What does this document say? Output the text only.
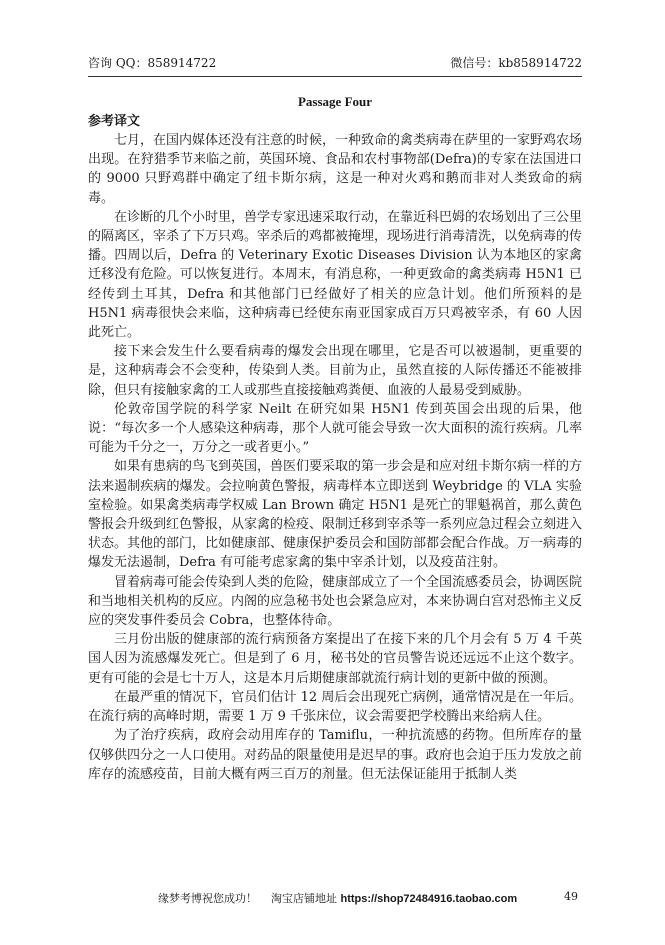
咨询 QQ：858914722	微信号：kb858914722
Passage Four
参考译文

七月，在国内媒体还没有注意的时候，一种致命的禽类病毒在萨里的一家野鸡农场出现。在狩猎季节来临之前，英国环境、食品和农村事物部(Defra)的专家在法国进口的 9000 只野鸡群中确定了纽卡斯尔病，这是一种对火鸡和鹅而非对人类致命的病毒。

在诊断的几个小时里，兽学专家迅速采取行动，在靠近科巴姆的农场划出了三公里的隔离区，宰杀了下万只鸡。宰杀后的鸡都被掩埋，现场进行消毒清洗，以免病毒的传播。四周以后，Defra 的 Veterinary Exotic Diseases Division 认为本地区的家禽迁移没有危险。可以恢复进行。本周末，有消息称，一种更致命的禽类病毒 H5N1 已经传到土耳其，Defra 和其他部门已经做好了相关的应急计划。他们所预料的是 H5N1 病毒很快会来临，这种病毒已经使东南亚国家成百万只鸡被宰杀，有 60 人因此死亡。

接下来会发生什么要看病毒的爆发会出现在哪里，它是否可以被遏制，更重要的是，这种病毒会不会变种，传染到人类。目前为止，虽然直接的人际传播还不能被排除，但只有接触家禽的工人或那些直接接触鸡粪便、血液的人最易受到威胁。

伦敦帝国学院的科学家 Neilt 在研究如果 H5N1 传到英国会出现的后果，他说：“每次多一个人感染这种病毒，那个人就可能会导致一次大面积的流行疾病。几率可能为千分之一，万分之一或者更小。”

如果有患病的鸟飞到英国，兽医们要采取的第一步会是和应对纽卡斯尔病一样的方法来遏制疾病的爆发。会拉响黄色警报，病毒样本立即送到 Weybridge 的 VLA 实验室检验。如果禽类病毒学权威 Lan Brown 确定 H5N1 是死亡的罪魁祸首，那么黄色警报会升级到红色警报，从家禽的检疫、限制迁移到宰杀等一系列应急过程会立刻进入状态。其他的部门，比如健康部、健康保护委员会和国防部都会配合作战。万一病毒的爆发无法遏制，Defra 有可能考虑家禽的集中宰杀计划，以及疫苗注射。

冒着病毒可能会传染到人类的危险，健康部成立了一个全国流感委员会，协调医院和当地相关机构的反应。内阁的应急秘书处也会紧急应对，本来协调白宫对恐怖主义反应的突发事件委员会 Cobra，也整体待命。

三月份出版的健康部的流行病预备方案提出了在接下来的几个月会有 5 万 4 千英国人因为流感爆发死亡。但是到了 6 月，秘书处的官员警告说还远远不止这个数字。更有可能的会是七十万人，这是本月后期健康部就流行病计划的更新中做的预测。

在最严重的情况下，官员们估计 12 周后会出现死亡病例，通常情况是在一年后。在流行病的高峰时期，需要 1 万 9 千张床位，议会需要把学校腾出来给病人住。

为了治疗疾病，政府会动用库存的 Tamiflu，一种抗流感的药物。但所库存的量仅够供四分之一人口使用。对药品的限量使用是迟早的事。政府也会迫于压力发放之前库存的流感疫苗，目前大概有两三百万的剂量。但无法保证能用于抵制人类

缘梦考博祝您成功！ 淘宝店铺地址 https://shop72484916.taobao.com	49
